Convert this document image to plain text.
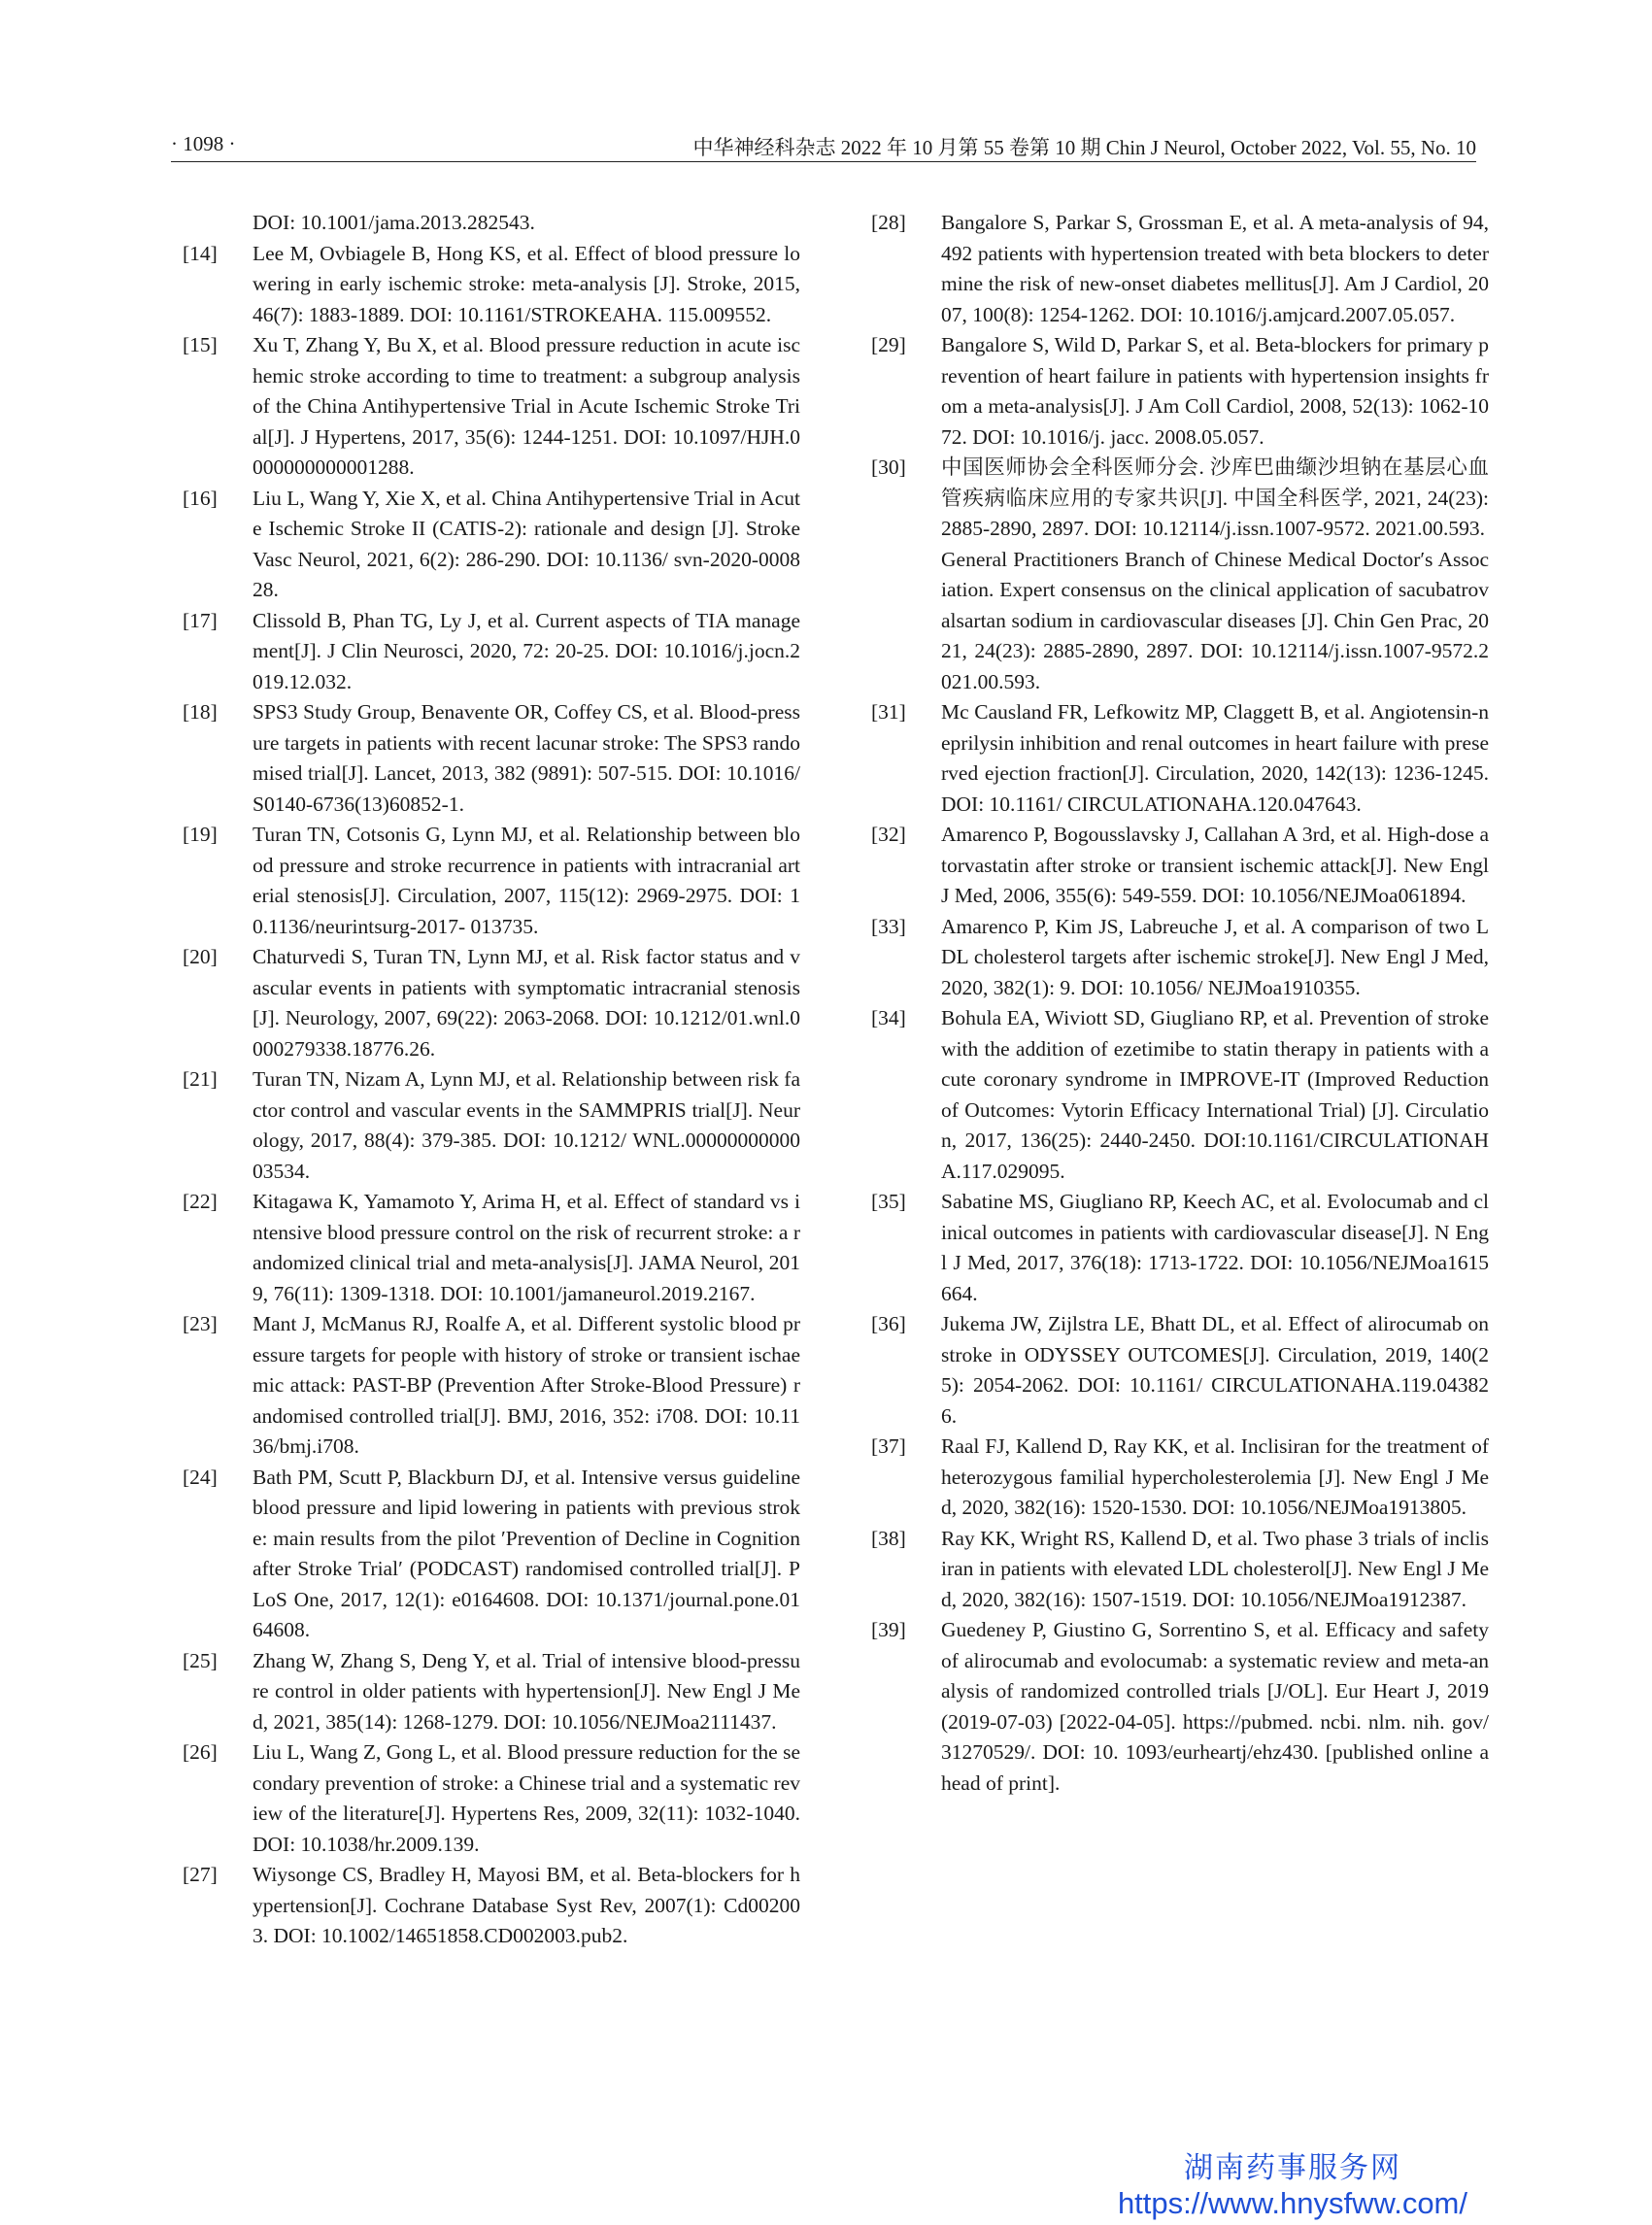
· 1098 ·	中华神经科杂志 2022 年 10 月第 55 卷第 10 期 Chin J Neurol, October 2022, Vol. 55, No. 10
DOI: 10.1001/jama.2013.282543.
[14] Lee M, Ovbiagele B, Hong KS, et al. Effect of blood pressure lowering in early ischemic stroke: meta-analysis [J]. Stroke, 2015, 46(7): 1883-1889. DOI: 10.1161/STROKEAHA. 115.009552.
[15] Xu T, Zhang Y, Bu X, et al. Blood pressure reduction in acute ischemic stroke according to time to treatment: a subgroup analysis of the China Antihypertensive Trial in Acute Ischemic Stroke Trial[J]. J Hypertens, 2017, 35(6): 1244-1251. DOI: 10.1097/HJH.0000000000001288.
[16] Liu L, Wang Y, Xie X, et al. China Antihypertensive Trial in Acute Ischemic Stroke II (CATIS-2): rationale and design [J]. Stroke Vasc Neurol, 2021, 6(2): 286-290. DOI: 10.1136/ svn-2020-000828.
[17] Clissold B, Phan TG, Ly J, et al. Current aspects of TIA management[J]. J Clin Neurosci, 2020, 72: 20-25. DOI: 10.1016/j.jocn.2019.12.032.
[18] SPS3 Study Group, Benavente OR, Coffey CS, et al. Blood-pressure targets in patients with recent lacunar stroke: The SPS3 randomised trial[J]. Lancet, 2013, 382 (9891): 507-515. DOI: 10.1016/S0140-6736(13)60852-1.
[19] Turan TN, Cotsonis G, Lynn MJ, et al. Relationship between blood pressure and stroke recurrence in patients with intracranial arterial stenosis[J]. Circulation, 2007, 115(12): 2969-2975. DOI: 10.1136/neurintsurg-2017- 013735.
[20] Chaturvedi S, Turan TN, Lynn MJ, et al. Risk factor status and vascular events in patients with symptomatic intracranial stenosis[J]. Neurology, 2007, 69(22): 2063-2068. DOI: 10.1212/01.wnl.0000279338.18776.26.
[21] Turan TN, Nizam A, Lynn MJ, et al. Relationship between risk factor control and vascular events in the SAMMPRIS trial[J]. Neurology, 2017, 88(4): 379-385. DOI: 10.1212/ WNL.0000000000003534.
[22] Kitagawa K, Yamamoto Y, Arima H, et al. Effect of standard vs intensive blood pressure control on the risk of recurrent stroke: a randomized clinical trial and meta-analysis[J]. JAMA Neurol, 2019, 76(11): 1309-1318. DOI: 10.1001/jamaneurol.2019.2167.
[23] Mant J, McManus RJ, Roalfe A, et al. Different systolic blood pressure targets for people with history of stroke or transient ischaemic attack: PAST-BP (Prevention After Stroke-Blood Pressure) randomised controlled trial[J]. BMJ, 2016, 352: i708. DOI: 10.1136/bmj.i708.
[24] Bath PM, Scutt P, Blackburn DJ, et al. Intensive versus guideline blood pressure and lipid lowering in patients with previous stroke: main results from the pilot ′Prevention of Decline in Cognition after Stroke Trial′ (PODCAST) randomised controlled trial[J]. PLoS One, 2017, 12(1): e0164608. DOI: 10.1371/journal.pone.0164608.
[25] Zhang W, Zhang S, Deng Y, et al. Trial of intensive blood-pressure control in older patients with hypertension[J]. New Engl J Med, 2021, 385(14): 1268-1279. DOI: 10.1056/NEJMoa2111437.
[26] Liu L, Wang Z, Gong L, et al. Blood pressure reduction for the secondary prevention of stroke: a Chinese trial and a systematic review of the literature[J]. Hypertens Res, 2009, 32(11): 1032-1040. DOI: 10.1038/hr.2009.139.
[27] Wiysonge CS, Bradley H, Mayosi BM, et al. Beta-blockers for hypertension[J]. Cochrane Database Syst Rev, 2007(1): Cd002003. DOI: 10.1002/14651858.CD002003.pub2.
[28] Bangalore S, Parkar S, Grossman E, et al. A meta-analysis of 94, 492 patients with hypertension treated with beta blockers to determine the risk of new-onset diabetes mellitus[J]. Am J Cardiol, 2007, 100(8): 1254-1262. DOI: 10.1016/j.amjcard.2007.05.057.
[29] Bangalore S, Wild D, Parkar S, et al. Beta-blockers for primary prevention of heart failure in patients with hypertension insights from a meta-analysis[J]. J Am Coll Cardiol, 2008, 52(13): 1062-1072. DOI: 10.1016/j. jacc. 2008.05.057.
[30] 中国医师协会全科医师分会. 沙库巴曲缬沙坦钠在基层心血管疾病临床应用的专家共识[J]. 中国全科医学, 2021, 24(23): 2885-2890, 2897. DOI: 10.12114/j.issn.1007-9572. 2021.00.593.
General Practitioners Branch of Chinese Medical Doctor′s Association. Expert consensus on the clinical application of sacubatrovalsartan sodium in cardiovascular diseases [J]. Chin Gen Prac, 2021, 24(23): 2885-2890, 2897. DOI: 10.12114/j.issn.1007-9572.2021.00.593.
[31] Mc Causland FR, Lefkowitz MP, Claggett B, et al. Angiotensin-neprilysin inhibition and renal outcomes in heart failure with preserved ejection fraction[J]. Circulation, 2020, 142(13): 1236-1245. DOI: 10.1161/ CIRCULATIONAHA.120.047643.
[32] Amarenco P, Bogousslavsky J, Callahan A 3rd, et al. High-dose atorvastatin after stroke or transient ischemic attack[J]. New Engl J Med, 2006, 355(6): 549-559. DOI: 10.1056/NEJMoa061894.
[33] Amarenco P, Kim JS, Labreuche J, et al. A comparison of two LDL cholesterol targets after ischemic stroke[J]. New Engl J Med, 2020, 382(1): 9. DOI: 10.1056/ NEJMoa1910355.
[34] Bohula EA, Wiviott SD, Giugliano RP, et al. Prevention of stroke with the addition of ezetimibe to statin therapy in patients with acute coronary syndrome in IMPROVE-IT (Improved Reduction of Outcomes: Vytorin Efficacy International Trial) [J]. Circulation, 2017, 136(25): 2440-2450. DOI:10.1161/CIRCULATIONAHA.117.029095.
[35] Sabatine MS, Giugliano RP, Keech AC, et al. Evolocumab and clinical outcomes in patients with cardiovascular disease[J]. N Engl J Med, 2017, 376(18): 1713-1722. DOI: 10.1056/NEJMoa1615664.
[36] Jukema JW, Zijlstra LE, Bhatt DL, et al. Effect of alirocumab on stroke in ODYSSEY OUTCOMES[J]. Circulation, 2019, 140(25): 2054-2062. DOI: 10.1161/ CIRCULATIONAHA.119.043826.
[37] Raal FJ, Kallend D, Ray KK, et al. Inclisiran for the treatment of heterozygous familial hypercholesterolemia [J]. New Engl J Med, 2020, 382(16): 1520-1530. DOI: 10.1056/NEJMoa1913805.
[38] Ray KK, Wright RS, Kallend D, et al. Two phase 3 trials of inclisiran in patients with elevated LDL cholesterol[J]. New Engl J Med, 2020, 382(16): 1507-1519. DOI: 10.1056/NEJMoa1912387.
[39] Guedeney P, Giustino G, Sorrentino S, et al. Efficacy and safety of alirocumab and evolocumab: a systematic review and meta-analysis of randomized controlled trials [J/OL]. Eur Heart J, 2019 (2019-07-03) [2022-04-05]. https://pubmed. ncbi. nlm. nih. gov/31270529/. DOI: 10. 1093/eurheartj/ehz430. [published online ahead of print].
湖南药事服务网
https://www.hnysfww.com/
